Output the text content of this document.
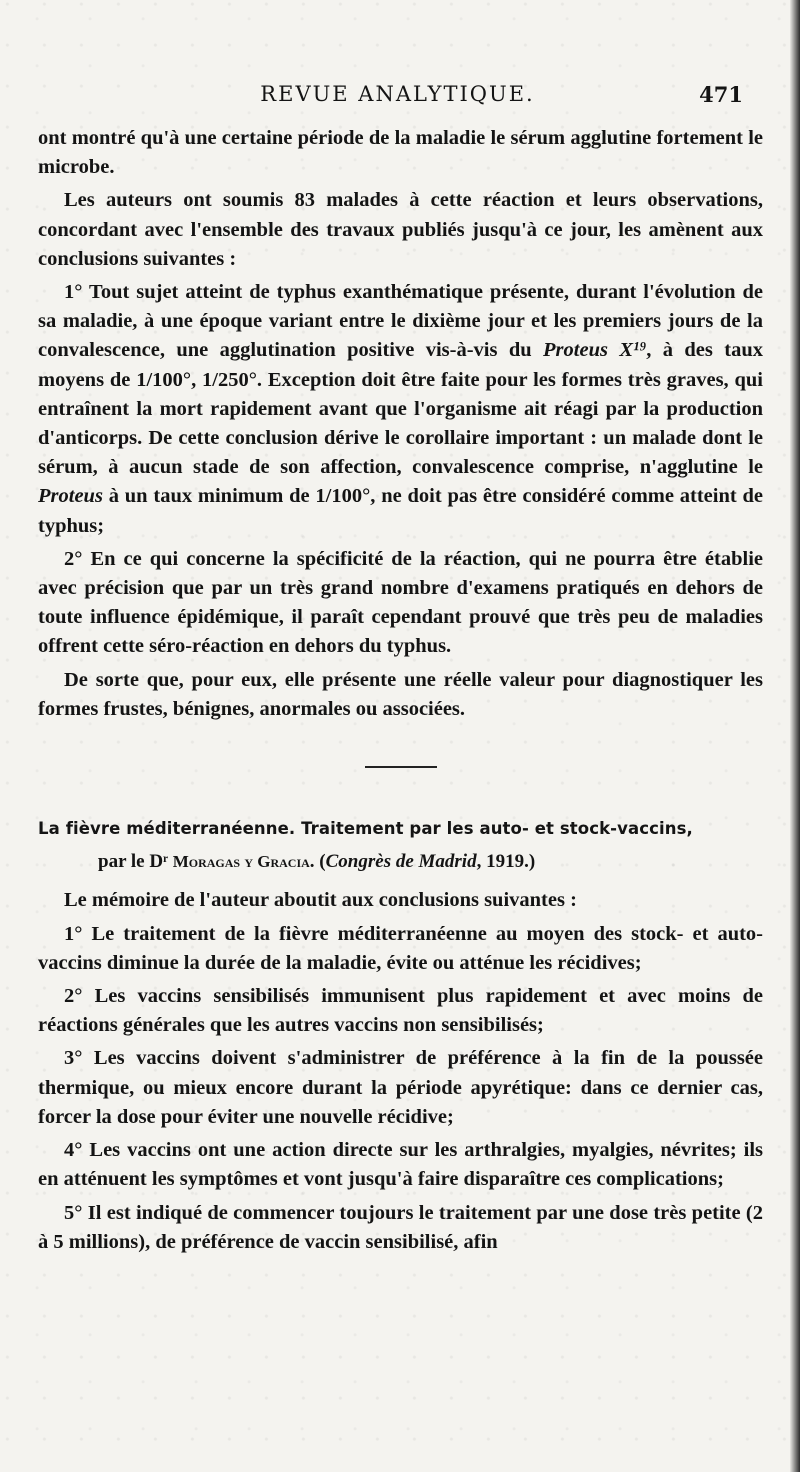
REVUE ANALYTIQUE.	471

ont montré qu'à une certaine période de la maladie le sérum agglutine fortement le microbe.

Les auteurs ont soumis 83 malades à cette réaction et leurs observations, concordant avec l'ensemble des travaux publiés jusqu'à ce jour, les amènent aux conclusions suivantes :

1° Tout sujet atteint de typhus exanthématique présente, durant l'évolution de sa maladie, à une époque variant entre le dixième jour et les premiers jours de la convalescence, une agglutination positive vis-à-vis du Proteus X¹⁹, à des taux moyens de 1/100°, 1/250°. Exception doit être faite pour les formes très graves, qui entraînent la mort rapidement avant que l'organisme ait réagi par la production d'anticorps. De cette conclusion dérive le corollaire important : un malade dont le sérum, à aucun stade de son affection, convalescence comprise, n'agglutine le Proteus à un taux minimum de 1/100°, ne doit pas être considéré comme atteint de typhus;

2° En ce qui concerne la spécificité de la réaction, qui ne pourra être établie avec précision que par un très grand nombre d'examens pratiqués en dehors de toute influence épidémique, il paraît cependant prouvé que très peu de maladies offrent cette séro-réaction en dehors du typhus.

De sorte que, pour eux, elle présente une réelle valeur pour diagnostiquer les formes frustes, bénignes, anormales ou associées.

La fièvre méditerranéenne. Traitement par les auto- et stock-vaccins,

par le Dʳ Moragas y Gracia. (Congrès de Madrid, 1919.)

Le mémoire de l'auteur aboutit aux conclusions suivantes :

1° Le traitement de la fièvre méditerranéenne au moyen des stock- et auto-vaccins diminue la durée de la maladie, évite ou atténue les récidives;

2° Les vaccins sensibilisés immunisent plus rapidement et avec moins de réactions générales que les autres vaccins non sensibilisés;

3° Les vaccins doivent s'administrer de préférence à la fin de la poussée thermique, ou mieux encore durant la période apyrétique: dans ce dernier cas, forcer la dose pour éviter une nouvelle récidive;

4° Les vaccins ont une action directe sur les arthralgies, myalgies, névrites; ils en atténuent les symptômes et vont jusqu'à faire disparaître ces complications;

5° Il est indiqué de commencer toujours le traitement par une dose très petite (2 à 5 millions), de préférence de vaccin sensibilisé, afin
